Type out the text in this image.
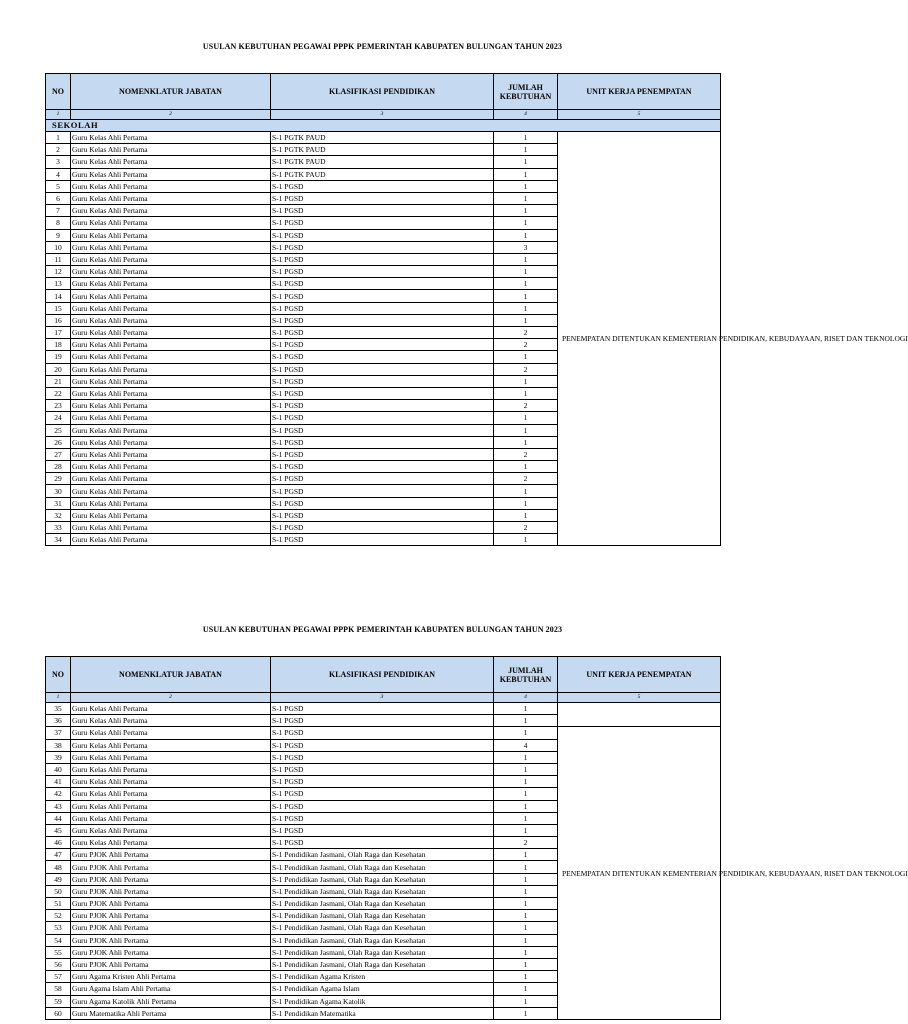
USULAN KEBUTUHAN PEGAWAI PPPK PEMERINTAH KABUPATEN BULUNGAN TAHUN 2023
NO	NOMENKLATUR JABATAN	KLASIFIKASI PENDIDIKAN	JUMLAH KEBUTUHAN	UNIT KERJA PENEMPATAN
1	2	3	4	5
SEKOLAH				
1	Guru Kelas Ahli Pertama	S-1 PGTK PAUD	1	PENEMPATAN DITENTUKAN KEMENTERIAN PENDIDIKAN, KEBUDAYAAN, RISET DAN TEKNOLOGI
2	Guru Kelas Ahli Pertama	S-1 PGTK PAUD	1	
3	Guru Kelas Ahli Pertama	S-1 PGTK PAUD	1	
4	Guru Kelas Ahli Pertama	S-1 PGTK PAUD	1	
5	Guru Kelas Ahli Pertama	S-1 PGSD	1	
6	Guru Kelas Ahli Pertama	S-1 PGSD	1	
7	Guru Kelas Ahli Pertama	S-1 PGSD	1	
8	Guru Kelas Ahli Pertama	S-1 PGSD	1	
9	Guru Kelas Ahli Pertama	S-1 PGSD	1	
10	Guru Kelas Ahli Pertama	S-1 PGSD	3	
11	Guru Kelas Ahli Pertama	S-1 PGSD	1	
12	Guru Kelas Ahli Pertama	S-1 PGSD	1	
13	Guru Kelas Ahli Pertama	S-1 PGSD	1	
14	Guru Kelas Ahli Pertama	S-1 PGSD	1	
15	Guru Kelas Ahli Pertama	S-1 PGSD	1	
16	Guru Kelas Ahli Pertama	S-1 PGSD	1	
17	Guru Kelas Ahli Pertama	S-1 PGSD	2	
18	Guru Kelas Ahli Pertama	S-1 PGSD	2	
19	Guru Kelas Ahli Pertama	S-1 PGSD	1	
20	Guru Kelas Ahli Pertama	S-1 PGSD	2	
21	Guru Kelas Ahli Pertama	S-1 PGSD	1	
22	Guru Kelas Ahli Pertama	S-1 PGSD	1	
23	Guru Kelas Ahli Pertama	S-1 PGSD	2	
24	Guru Kelas Ahli Pertama	S-1 PGSD	1	
25	Guru Kelas Ahli Pertama	S-1 PGSD	1	
26	Guru Kelas Ahli Pertama	S-1 PGSD	1	
27	Guru Kelas Ahli Pertama	S-1 PGSD	2	
28	Guru Kelas Ahli Pertama	S-1 PGSD	1	
29	Guru Kelas Ahli Pertama	S-1 PGSD	2	
30	Guru Kelas Ahli Pertama	S-1 PGSD	1	
31	Guru Kelas Ahli Pertama	S-1 PGSD	1	
32	Guru Kelas Ahli Pertama	S-1 PGSD	1	
33	Guru Kelas Ahli Pertama	S-1 PGSD	2	
34	Guru Kelas Ahli Pertama	S-1 PGSD	1	
USULAN KEBUTUHAN PEGAWAI PPPK PEMERINTAH KABUPATEN BULUNGAN TAHUN 2023
NO	NOMENKLATUR JABATAN	KLASIFIKASI PENDIDIKAN	JUMLAH KEBUTUHAN	UNIT KERJA PENEMPATAN
1	2	3	4	5
35	Guru Kelas Ahli Pertama	S-1 PGSD	1	
36	Guru Kelas Ahli Pertama	S-1 PGSD	1	
37	Guru Kelas Ahli Pertama	S-1 PGSD	1	PENEMPATAN DITENTUKAN KEMENTERIAN PENDIDIKAN, KEBUDAYAAN, RISET DAN TEKNOLOGI
38	Guru Kelas Ahli Pertama	S-1 PGSD	4	
39	Guru Kelas Ahli Pertama	S-1 PGSD	1	
40	Guru Kelas Ahli Pertama	S-1 PGSD	1	
41	Guru Kelas Ahli Pertama	S-1 PGSD	1	
42	Guru Kelas Ahli Pertama	S-1 PGSD	1	
43	Guru Kelas Ahli Pertama	S-1 PGSD	1	
44	Guru Kelas Ahli Pertama	S-1 PGSD	1	
45	Guru Kelas Ahli Pertama	S-1 PGSD	1	
46	Guru Kelas Ahli Pertama	S-1 PGSD	2	
47	Guru PJOK Ahli Pertama	S-1 Pendidikan Jasmani, Olah Raga dan Kesehatan	1	
48	Guru PJOK Ahli Pertama	S-1 Pendidikan Jasmani, Olah Raga dan Kesehatan	1	
49	Guru PJOK Ahli Pertama	S-1 Pendidikan Jasmani, Olah Raga dan Kesehatan	1	
50	Guru PJOK Ahli Pertama	S-1 Pendidikan Jasmani, Olah Raga dan Kesehatan	1	
51	Guru PJOK Ahli Pertama	S-1 Pendidikan Jasmani, Olah Raga dan Kesehatan	1	
52	Guru PJOK Ahli Pertama	S-1 Pendidikan Jasmani, Olah Raga dan Kesehatan	1	
53	Guru PJOK Ahli Pertama	S-1 Pendidikan Jasmani, Olah Raga dan Kesehatan	1	
54	Guru PJOK Ahli Pertama	S-1 Pendidikan Jasmani, Olah Raga dan Kesehatan	1	
55	Guru PJOK Ahli Pertama	S-1 Pendidikan Jasmani, Olah Raga dan Kesehatan	1	
56	Guru PJOK Ahli Pertama	S-1 Pendidikan Jasmani, Olah Raga dan Kesehatan	1	
57	Guru Agama Kristen Ahli Pertama	S-1 Pendidikan Agama Kristen	1	
58	Guru Agama Islam Ahli Pertama	S-1 Pendidikan Agama Islam	1	
59	Guru Agama Katolik Ahli Pertama	S-1 Pendidikan Agama Katolik	1	
60	Guru Matematika Ahli Pertama	S-1 Pendidikan Matematika	1	
